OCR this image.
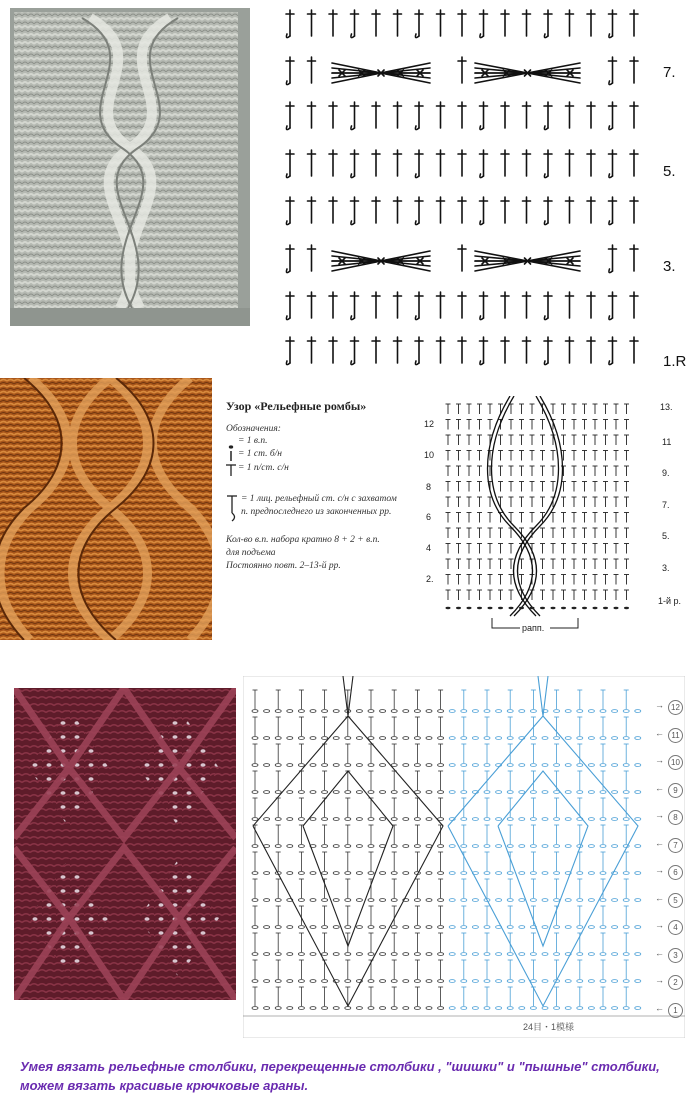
7.
5.
3.
1.R
Узор «Рельефные ромбы»
Обозначения:
= 1 в.п.
= 1 ст. б/н
= 1 п/ст. с/н
= 1 лиц. рельефный ст. с/н с захватом
п. предпоследнего из законченных рр.
Кол-во в.п. набора кратно 8 + 2 + в.п.
для подъема
Постоянно повт. 2–13-й рр.
12
10
8
6
4
2.
13.
11
9.
7.
5.
3.
1-й р.
рапп.
→ 12
← 11
→ 10
←	9
→	8
←	7
→	6
←	5
→	4
←	3
→	2
←	1
24目・1模様
Умея вязать рельефные столбики, перекрещенные столбики , "шишки" и "пышные" столбики, можем вязать красивые крючковые араны.
